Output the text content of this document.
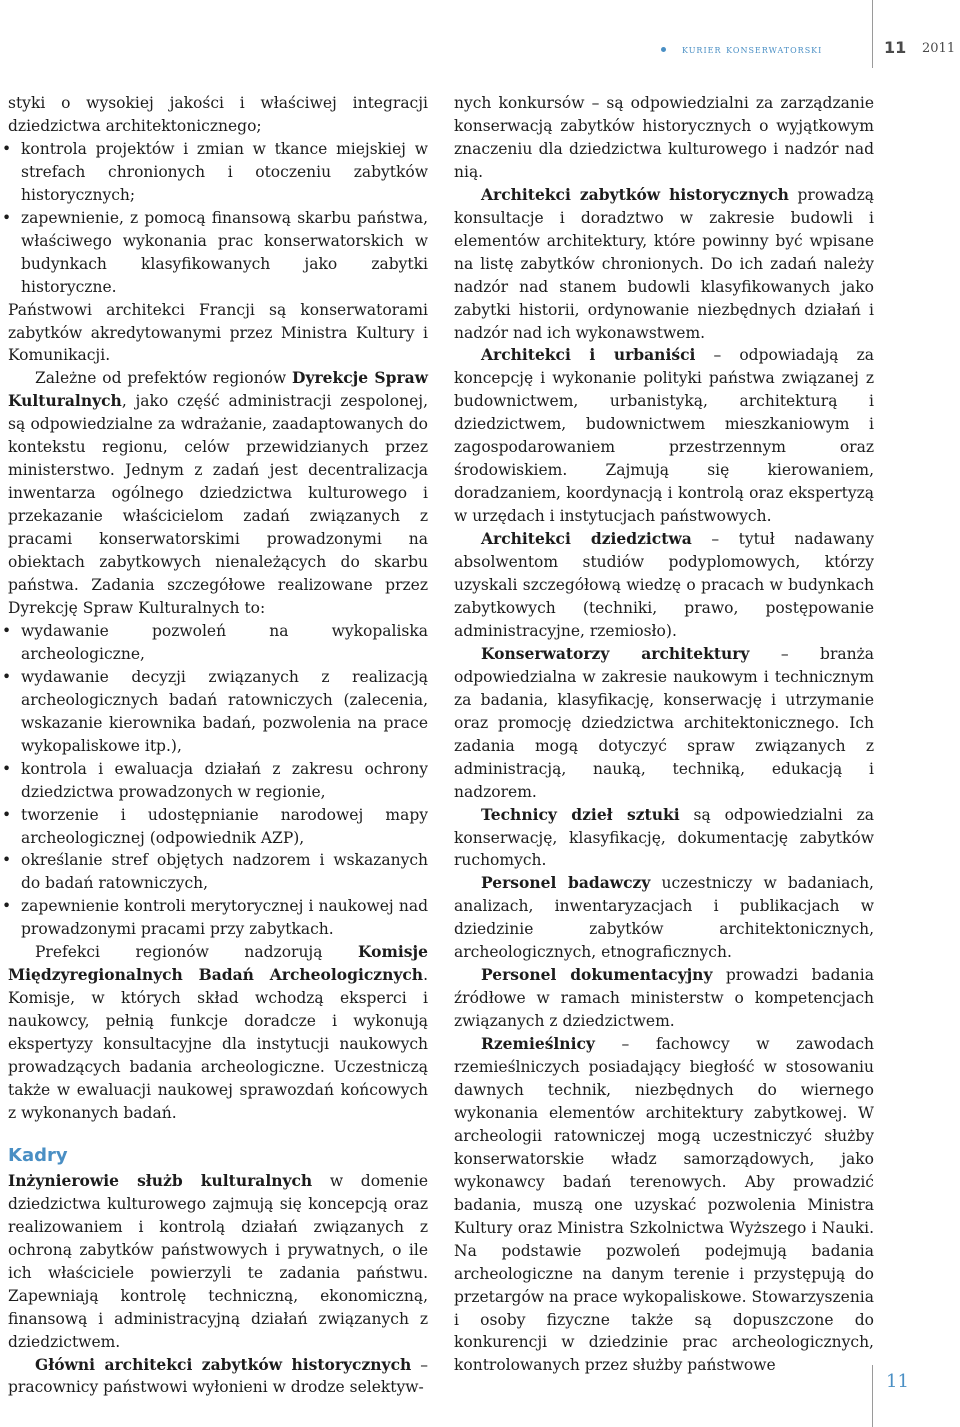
kurier konserwatorski	11 2011

styki o wysokiej jakości i właściwej integracji dziedzictwa architektonicznego;

• kontrola projektów i zmian w tkance miejskiej w strefach chronionych i otoczeniu zabytków historycznych;
• zapewnienie, z pomocą finansową skarbu państwa, właściwego wykonania prac konserwatorskich w budynkach klasyfikowanych jako zabytki historyczne.

Państwowi architekci Francji są konserwatorami zabytków akredytowanymi przez Ministra Kultury i Komunikacji.

Zależne od prefektów regionów Dyrekcje Spraw Kulturalnych, jako część administracji zespolonej, są odpowiedzialne za wdrażanie, zaadaptowanych do kontekstu regionu, celów przewidzianych przez ministerstwo. Jednym z zadań jest decentralizacja inwentarza ogólnego dziedzictwa kulturowego i przekazanie właścicielom zadań związanych z pracami konserwatorskimi prowadzonymi na obiektach zabytkowych nienależących do skarbu państwa. Zadania szczegółowe realizowane przez Dyrekcję Spraw Kulturalnych to:

• wydawanie pozwoleń na wykopaliska archeologiczne,
• wydawanie decyzji związanych z realizacją archeologicznych badań ratowniczych (zalecenia, wskazanie kierownika badań, pozwolenia na prace wykopaliskowe itp.),
• kontrola i ewaluacja działań z zakresu ochrony dziedzictwa prowadzonych w regionie,
• tworzenie i udostępnianie narodowej mapy archeologicznej (odpowiednik AZP),
• określanie stref objętych nadzorem i wskazanych do badań ratowniczych,
• zapewnienie kontroli merytorycznej i naukowej nad prowadzonymi pracami przy zabytkach.

Prefekci regionów nadzorują Komisje Międzyregionalnych Badań Archeologicznych. Komisje, w których skład wchodzą eksperci i naukowcy, pełnią funkcje doradcze i wykonują ekspertyzy konsultacyjne dla instytucji naukowych prowadzących badania archeologiczne. Uczestniczą także w ewaluacji naukowej sprawozdań końcowych z wykonanych badań.

Kadry

Inżynierowie służb kulturalnych w domenie dziedzictwa kulturowego zajmują się koncepcją oraz realizowaniem i kontrolą działań związanych z ochroną zabytków państwowych i prywatnych, o ile ich właściciele powierzyli te zadania państwu. Zapewniają kontrolę techniczną, ekonomiczną, finansową i administracyjną działań związanych z dziedzictwem.

Główni architekci zabytków historycznych – pracownicy państwowi wyłonieni w drodze selektyw-

nych konkursów – są odpowiedzialni za zarządzanie konserwacją zabytków historycznych o wyjątkowym znaczeniu dla dziedzictwa kulturowego i nadzór nad nią.

Architekci zabytków historycznych prowadzą konsultacje i doradztwo w zakresie budowli i elementów architektury, które powinny być wpisane na listę zabytków chronionych. Do ich zadań należy nadzór nad stanem budowli klasyfikowanych jako zabytki historii, ordynowanie niezbędnych działań i nadzór nad ich wykonawstwem.

Architekci i urbaniści – odpowiadają za koncepcję i wykonanie polityki państwa związanej z budownictwem, urbanistyką, architekturą i dziedzictwem, budownictwem mieszkaniowym i zagospodarowaniem przestrzennym oraz środowiskiem. Zajmują się kierowaniem, doradzaniem, koordynacją i kontrolą oraz ekspertyzą w urzędach i instytucjach państwowych.

Architekci dziedzictwa – tytuł nadawany absolwentom studiów podyplomowych, którzy uzyskali szczegółową wiedzę o pracach w budynkach zabytkowych (techniki, prawo, postępowanie administracyjne, rzemiosło).

Konserwatorzy architektury – branża odpowiedzialna w zakresie naukowym i technicznym za badania, klasyfikację, konserwację i utrzymanie oraz promocję dziedzictwa architektonicznego. Ich zadania mogą dotyczyć spraw związanych z administracją, nauką, techniką, edukacją i nadzorem.

Technicy dzieł sztuki są odpowiedzialni za konserwację, klasyfikację, dokumentację zabytków ruchomych.

Personel badawczy uczestniczy w badaniach, analizach, inwentaryzacjach i publikacjach w dziedzinie zabytków architektonicznych, archeologicznych, etnograficznych.

Personel dokumentacyjny prowadzi badania źródłowe w ramach ministerstw o kompetencjach związanych z dziedzictwem.

Rzemieślnicy – fachowcy w zawodach rzemieślniczych posiadający biegłość w stosowaniu dawnych technik, niezbędnych do wiernego wykonania elementów architektury zabytkowej. W archeologii ratowniczej mogą uczestniczyć służby konserwatorskie władz samorządowych, jako wykonawcy badań terenowych. Aby prowadzić badania, muszą one uzyskać pozwolenia Ministra Kultury oraz Ministra Szkolnictwa Wyższego i Nauki. Na podstawie pozwoleń podejmują badania archeologiczne na danym terenie i przystępują do przetargów na prace wykopaliskowe. Stowarzyszenia i osoby fizyczne także są dopuszczone do konkurencji w dziedzinie prac archeologicznych, kontrolowanych przez służby państwowe

11
